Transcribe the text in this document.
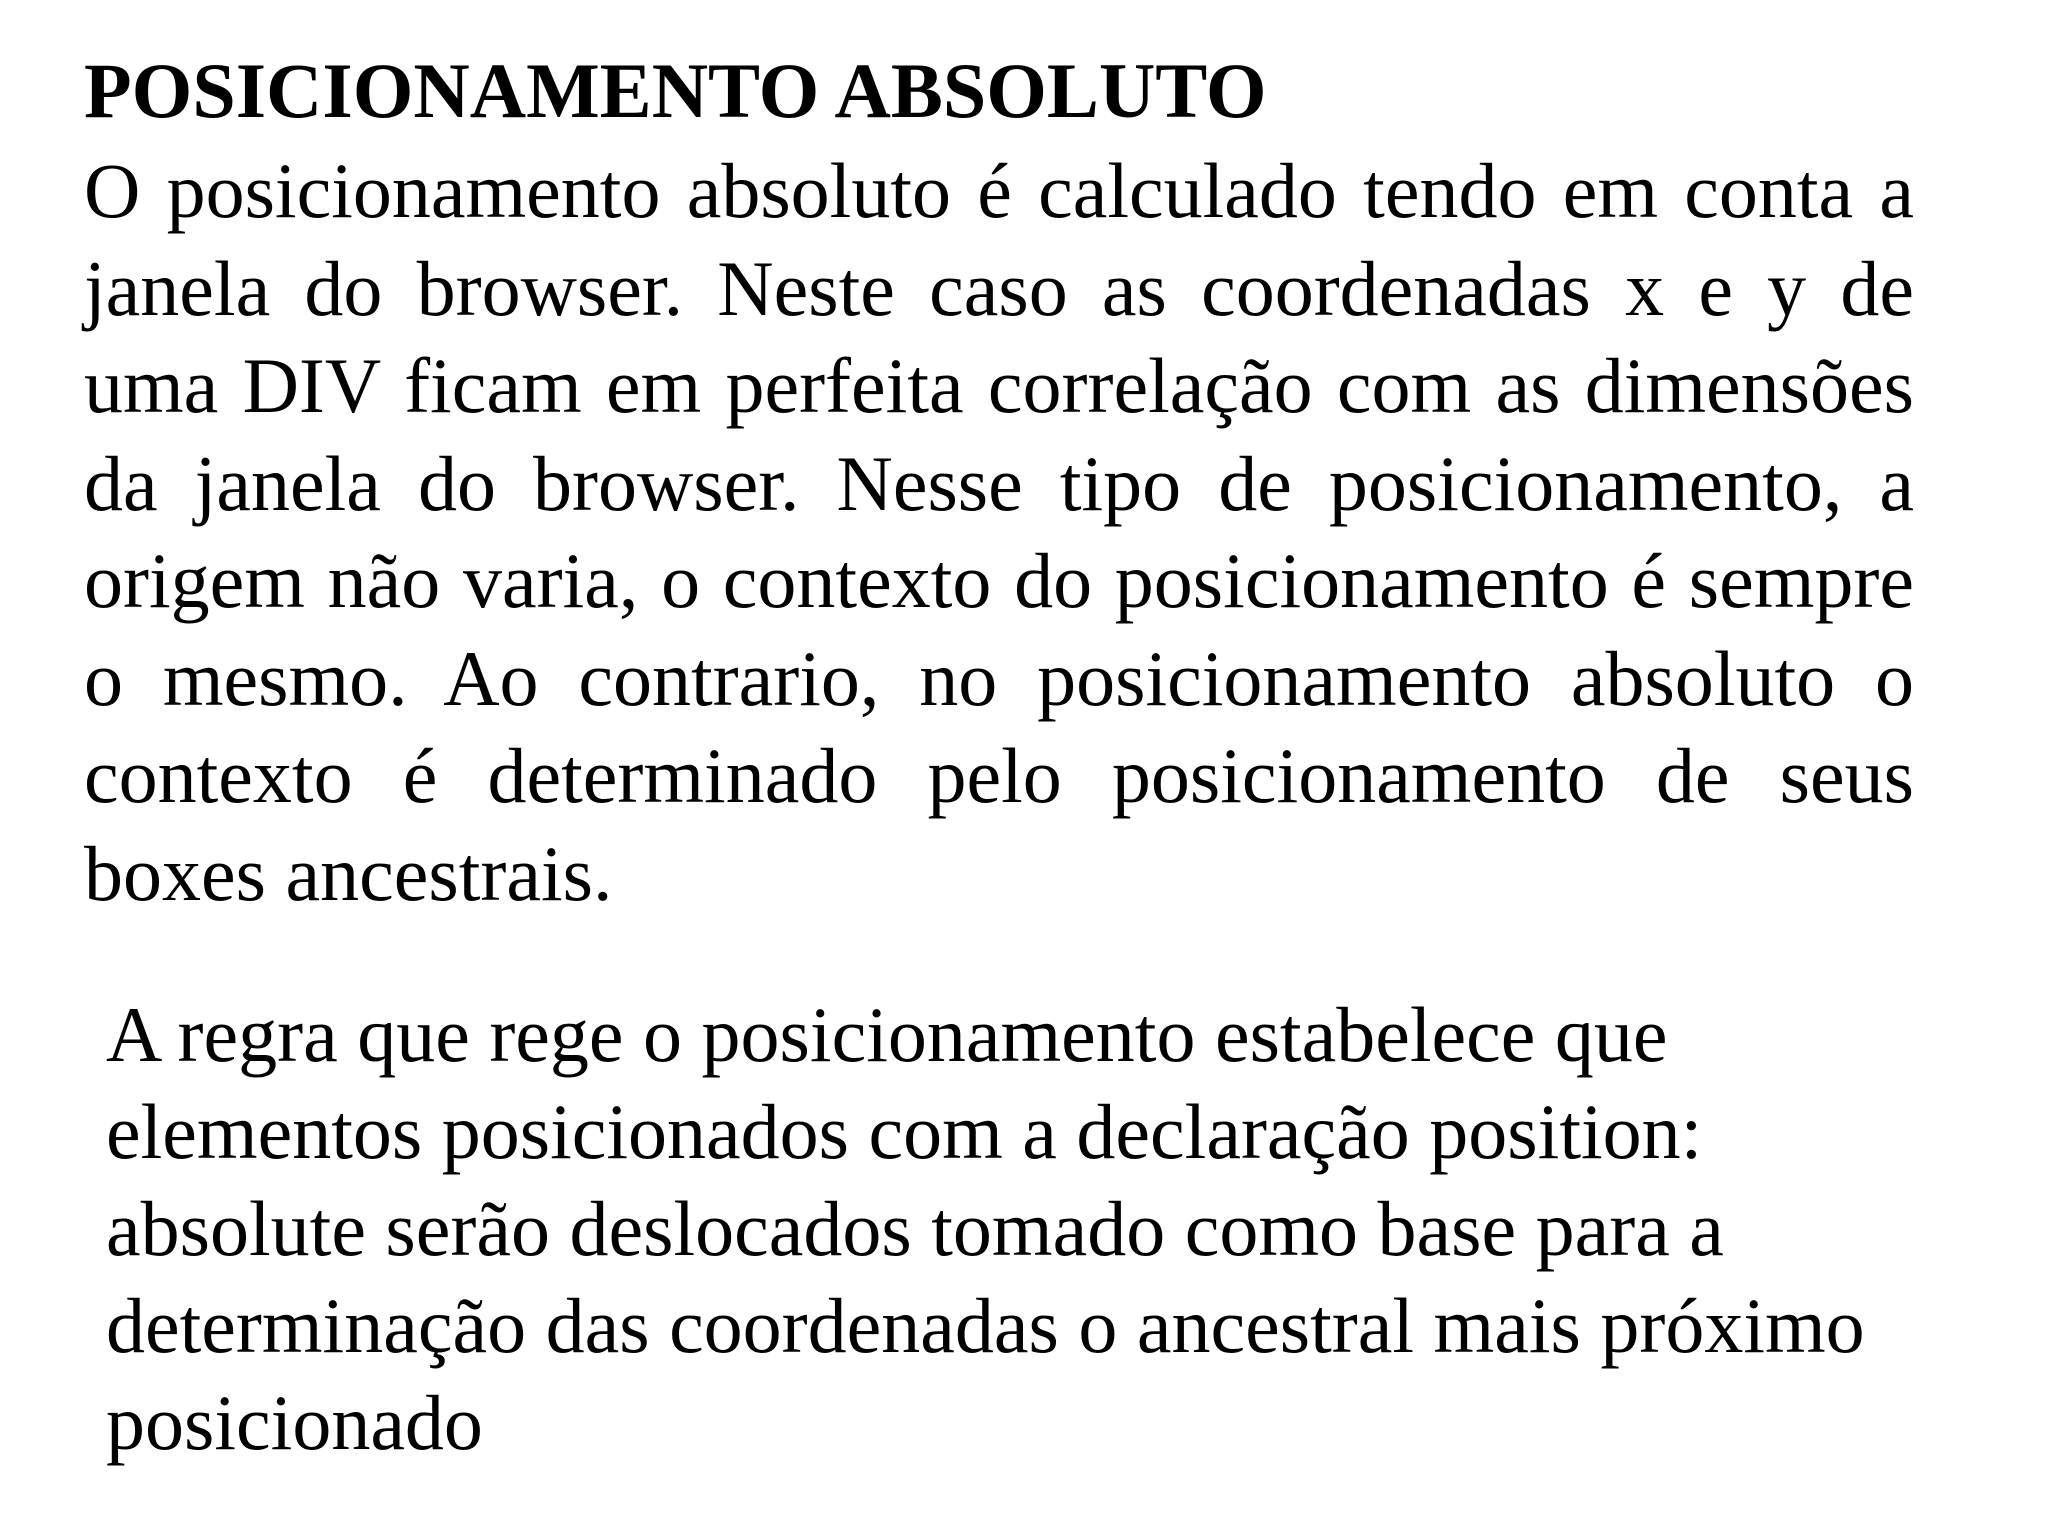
POSICIONAMENTO ABSOLUTO

O posicionamento absoluto é calculado tendo em conta a janela do browser. Neste caso as coordenadas x e y de uma DIV ficam em perfeita correlação com as dimensões da janela do browser. Nesse tipo de posicionamento, a origem não varia, o contexto do posicionamento é sempre o mesmo. Ao contrario, no posicionamento absoluto o contexto é determinado pelo posicionamento de seus boxes ancestrais.

A regra que rege o posicionamento estabelece que
elementos posicionados com a declaração position:
absolute serão deslocados tomado como base para a
determinação das coordenadas o ancestral mais próximo
posicionado
